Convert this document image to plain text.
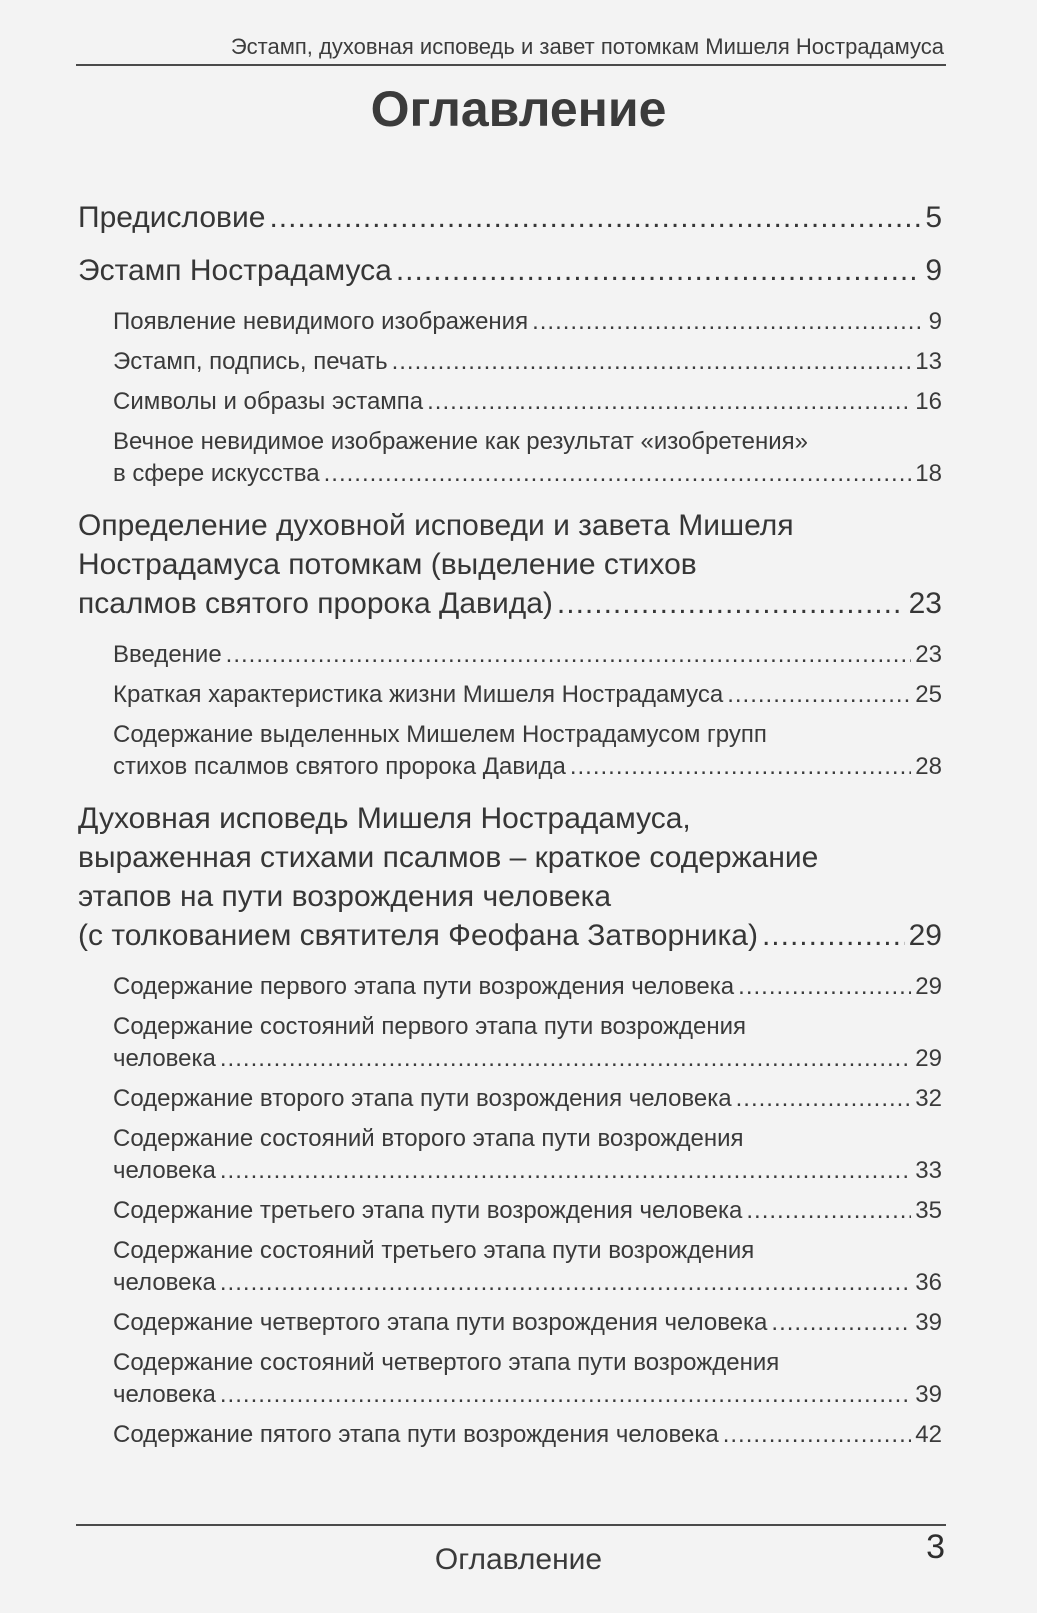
Эстамп, духовная исповедь и завет потомкам Мишеля Нострадамуса
Оглавление
Предисловие .....	5
Эстамп Нострадамуса .....	9
Появление невидимого изображения .....	9
Эстамп, подпись, печать .....	13
Символы и образы эстампа .....	16
Вечное невидимое изображение как результат «изобретения»
в сфере искусства .....	18
Определение духовной исповеди и завета Мишеля
Нострадамуса потомкам (выделение стихов
псалмов святого пророка Давида) .....	23
Введение .....	23
Краткая характеристика жизни Мишеля Нострадамуса .....	25
Содержание выделенных Мишелем Нострадамусом групп
стихов псалмов святого пророка Давида .....	28
Духовная исповедь Мишеля Нострадамуса,
выраженная стихами псалмов – краткое содержание
этапов на пути возрождения человека
(с толкованием святителя Феофана Затворника) .....	29
Содержание первого этапа пути возрождения человека .....	29
Содержание состояний первого этапа пути возрождения
человека .....	29
Содержание второго этапа пути возрождения человека .....	32
Содержание состояний второго этапа пути возрождения
человека .....	33
Содержание третьего этапа пути возрождения человека .....	35
Содержание состояний третьего этапа пути возрождения
человека .....	36
Содержание четвертого этапа пути возрождения человека .....	39
Содержание состояний четвертого этапа пути возрождения
человека .....	39
Содержание пятого этапа пути возрождения человека .....	42
Оглавление	3
